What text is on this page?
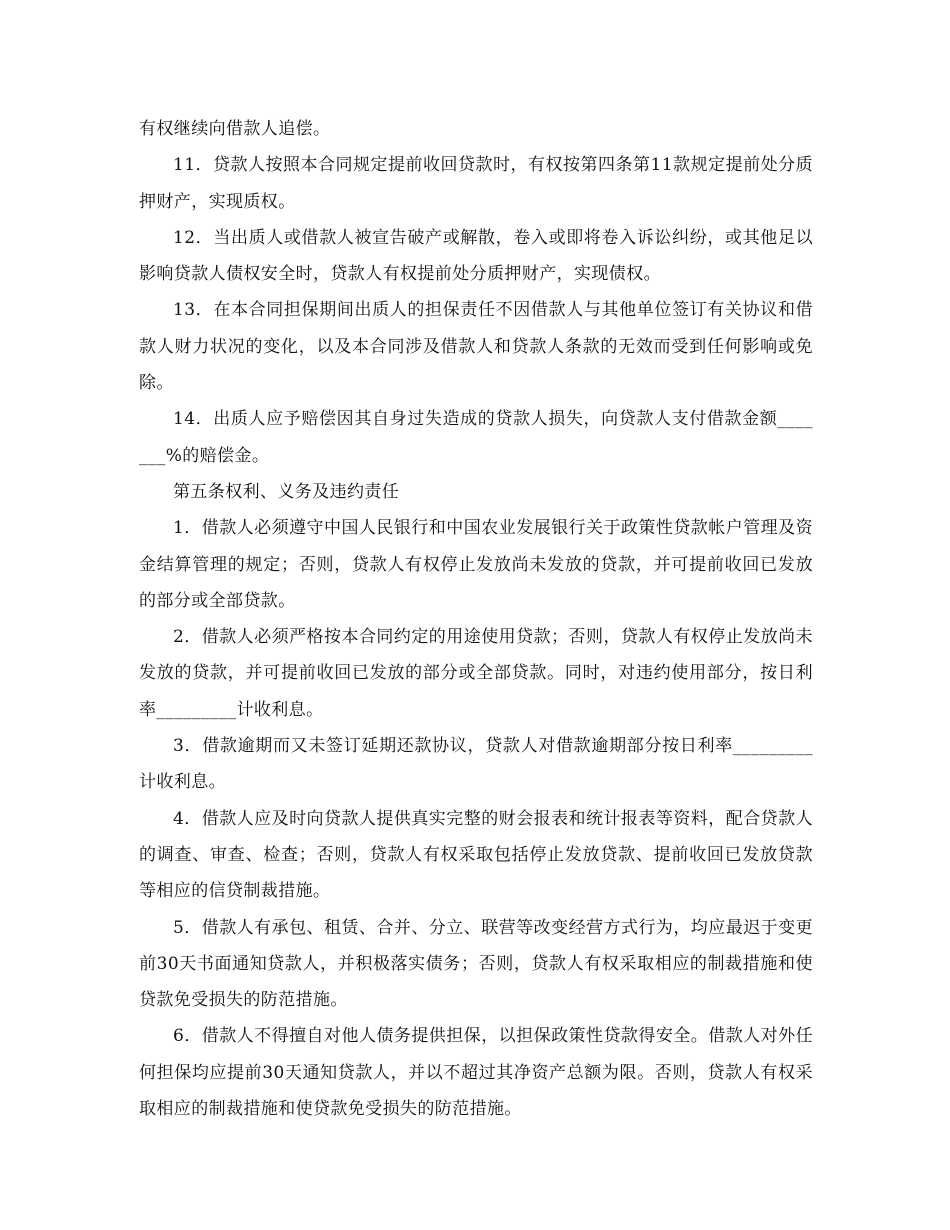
有权继续向借款人追偿。

11．贷款人按照本合同规定提前收回贷款时，有权按第四条第11款规定提前处分质押财产，实现质权。

12．当出质人或借款人被宣告破产或解散，卷入或即将卷入诉讼纠纷，或其他足以影响贷款人债权安全时，贷款人有权提前处分质押财产，实现债权。

13．在本合同担保期间出质人的担保责任不因借款人与其他单位签订有关协议和借款人财力状况的变化，以及本合同涉及借款人和贷款人条款的无效而受到任何影响或免除。

14．出质人应予赔偿因其自身过失造成的贷款人损失，向贷款人支付借款金额_______%的赔偿金。

第五条权利、义务及违约责任

1．借款人必须遵守中国人民银行和中国农业发展银行关于政策性贷款帐户管理及资金结算管理的规定；否则，贷款人有权停止发放尚未发放的贷款，并可提前收回已发放的部分或全部贷款。

2．借款人必须严格按本合同约定的用途使用贷款；否则，贷款人有权停止发放尚未发放的贷款，并可提前收回已发放的部分或全部贷款。同时，对违约使用部分，按日利率_________计收利息。

3．借款逾期而又未签订延期还款协议，贷款人对借款逾期部分按日利率_________计收利息。

4．借款人应及时向贷款人提供真实完整的财会报表和统计报表等资料，配合贷款人的调查、审查、检查；否则，贷款人有权采取包括停止发放贷款、提前收回已发放贷款等相应的信贷制裁措施。

5．借款人有承包、租赁、合并、分立、联营等改变经营方式行为，均应最迟于变更前30天书面通知贷款人，并积极落实债务；否则，贷款人有权采取相应的制裁措施和使贷款免受损失的防范措施。

6．借款人不得擅自对他人债务提供担保，以担保政策性贷款得安全。借款人对外任何担保均应提前30天通知贷款人，并以不超过其净资产总额为限。否则，贷款人有权采取相应的制裁措施和使贷款免受损失的防范措施。
